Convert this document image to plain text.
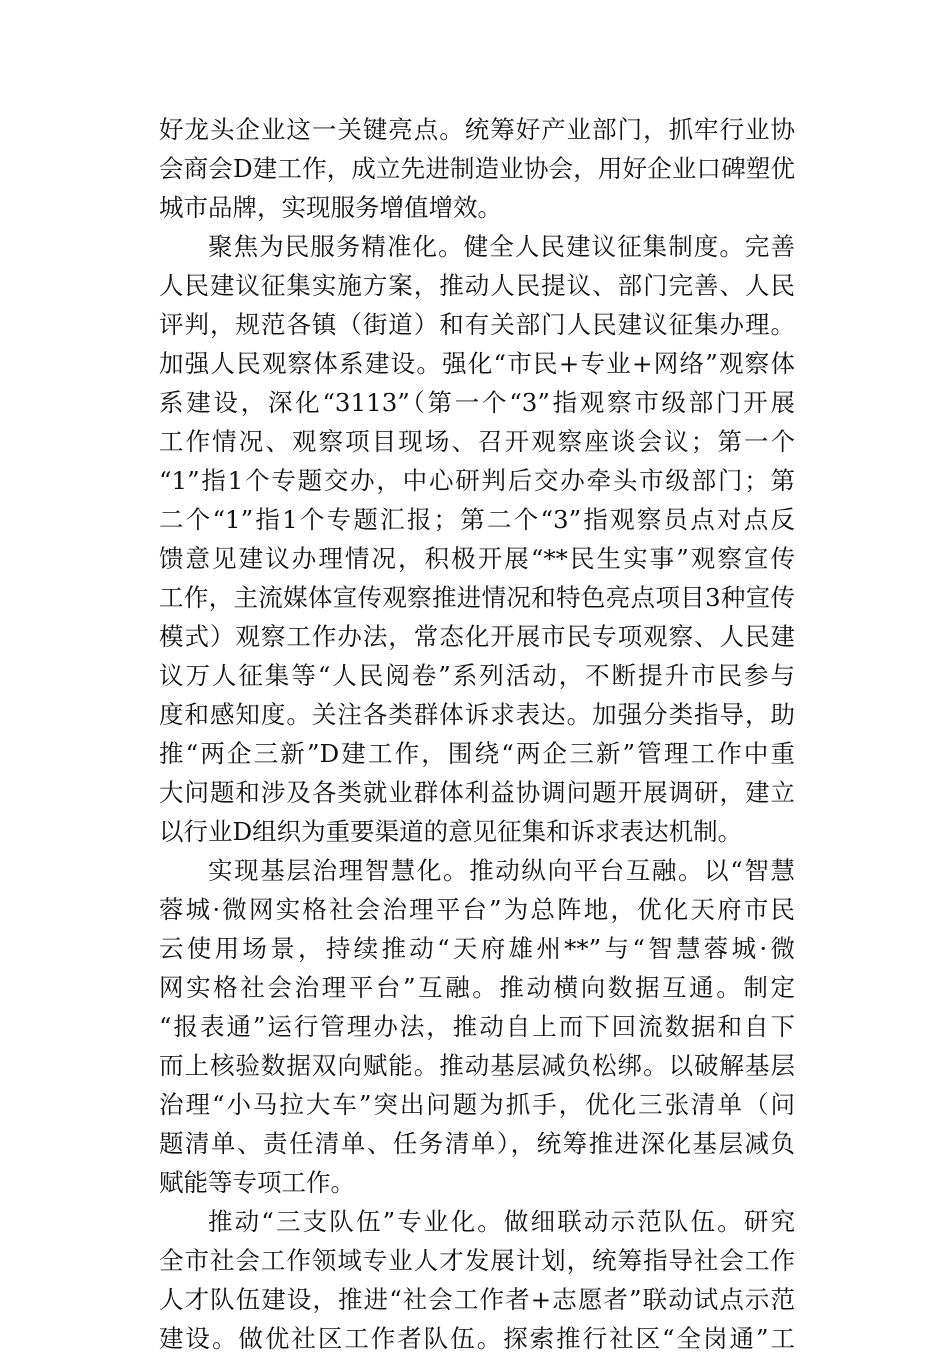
好龙头企业这一关键亮点。统筹好产业部门，抓牢行业协
会商会D建工作，成立先进制造业协会，用好企业口碑塑优
城市品牌，实现服务增值增效。
聚焦为民服务精准化。健全人民建议征集制度。完善
人民建议征集实施方案，推动人民提议、部门完善、人民
评判，规范各镇（街道）和有关部门人民建议征集办理。
加强人民观察体系建设。强化“市民+专业+网络”观察体
系建设，深化“3113”（第一个“3”指观察市级部门开展
工作情况、观察项目现场、召开观察座谈会议；第一个
“1”指1个专题交办，中心研判后交办牵头市级部门；第
二个“1”指1个专题汇报；第二个“3”指观察员点对点反
馈意见建议办理情况，积极开展“**民生实事”观察宣传
工作，主流媒体宣传观察推进情况和特色亮点项目3种宣传
模式）观察工作办法，常态化开展市民专项观察、人民建
议万人征集等“人民阅卷”系列活动，不断提升市民参与
度和感知度。关注各类群体诉求表达。加强分类指导，助
推“两企三新”D建工作，围绕“两企三新”管理工作中重
大问题和涉及各类就业群体利益协调问题开展调研，建立
以行业D组织为重要渠道的意见征集和诉求表达机制。
实现基层治理智慧化。推动纵向平台互融。以“智慧
蓉城·微网实格社会治理平台”为总阵地，优化天府市民
云使用场景，持续推动“天府雄州**”与“智慧蓉城·微
网实格社会治理平台”互融。推动横向数据互通。制定
“报表通”运行管理办法，推动自上而下回流数据和自下
而上核验数据双向赋能。推动基层减负松绑。以破解基层
治理“小马拉大车”突出问题为抓手，优化三张清单（问
题清单、责任清单、任务清单），统筹推进深化基层减负
赋能等专项工作。
推动“三支队伍”专业化。做细联动示范队伍。研究
全市社会工作领域专业人才发展计划，统筹指导社会工作
人才队伍建设，推进“社会工作者+志愿者”联动试点示范
建设。做优社区工作者队伍。探索推行社区“全岗通”工
